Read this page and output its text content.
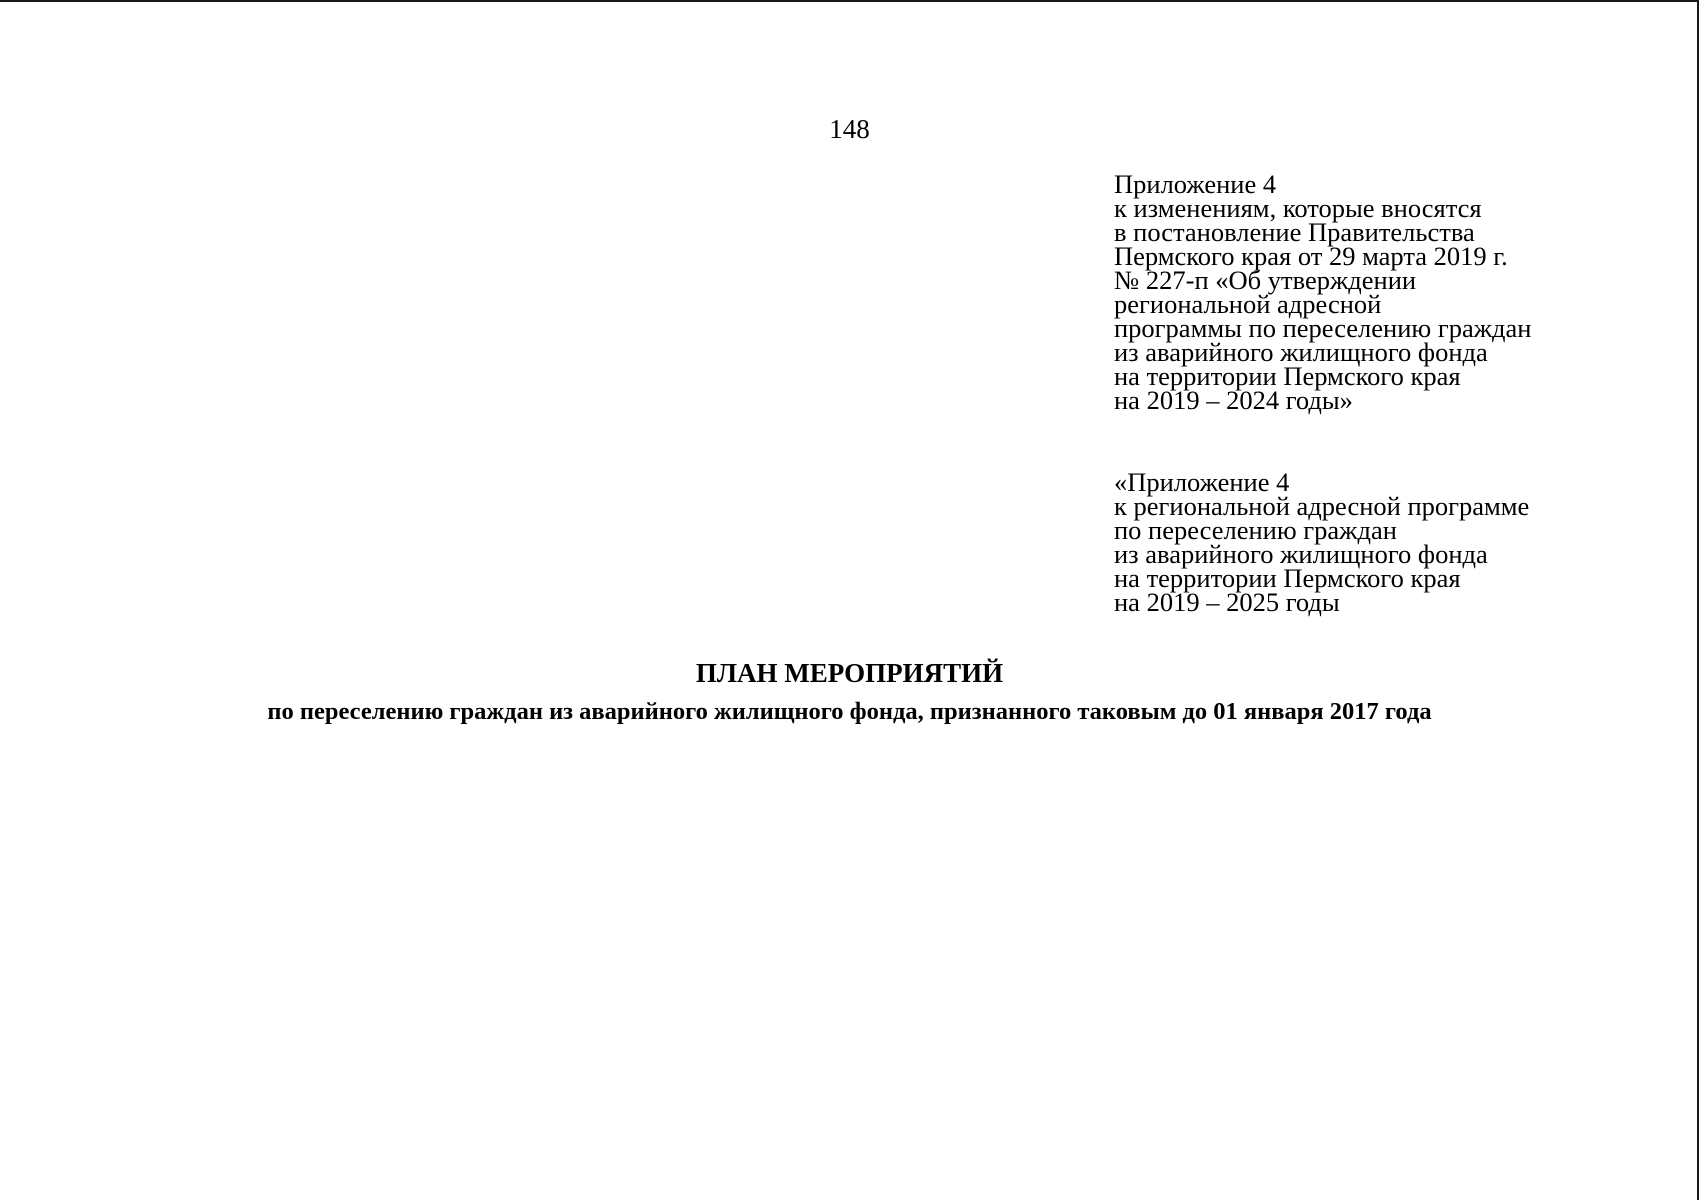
148
Приложение 4
к изменениям, которые вносятся
в постановление Правительства
Пермского края от 29 марта 2019 г.
№ 227-п «Об утверждении
региональной адресной
программы по переселению граждан
из аварийного жилищного фонда
на территории Пермского края
на 2019 – 2024 годы»
«Приложение 4
к региональной адресной программе
по переселению граждан
из аварийного жилищного фонда
на территории Пермского края
на 2019 – 2025 годы
ПЛАН МЕРОПРИЯТИЙ
по переселению граждан из аварийного жилищного фонда, признанного таковым до 01 января 2017 года
